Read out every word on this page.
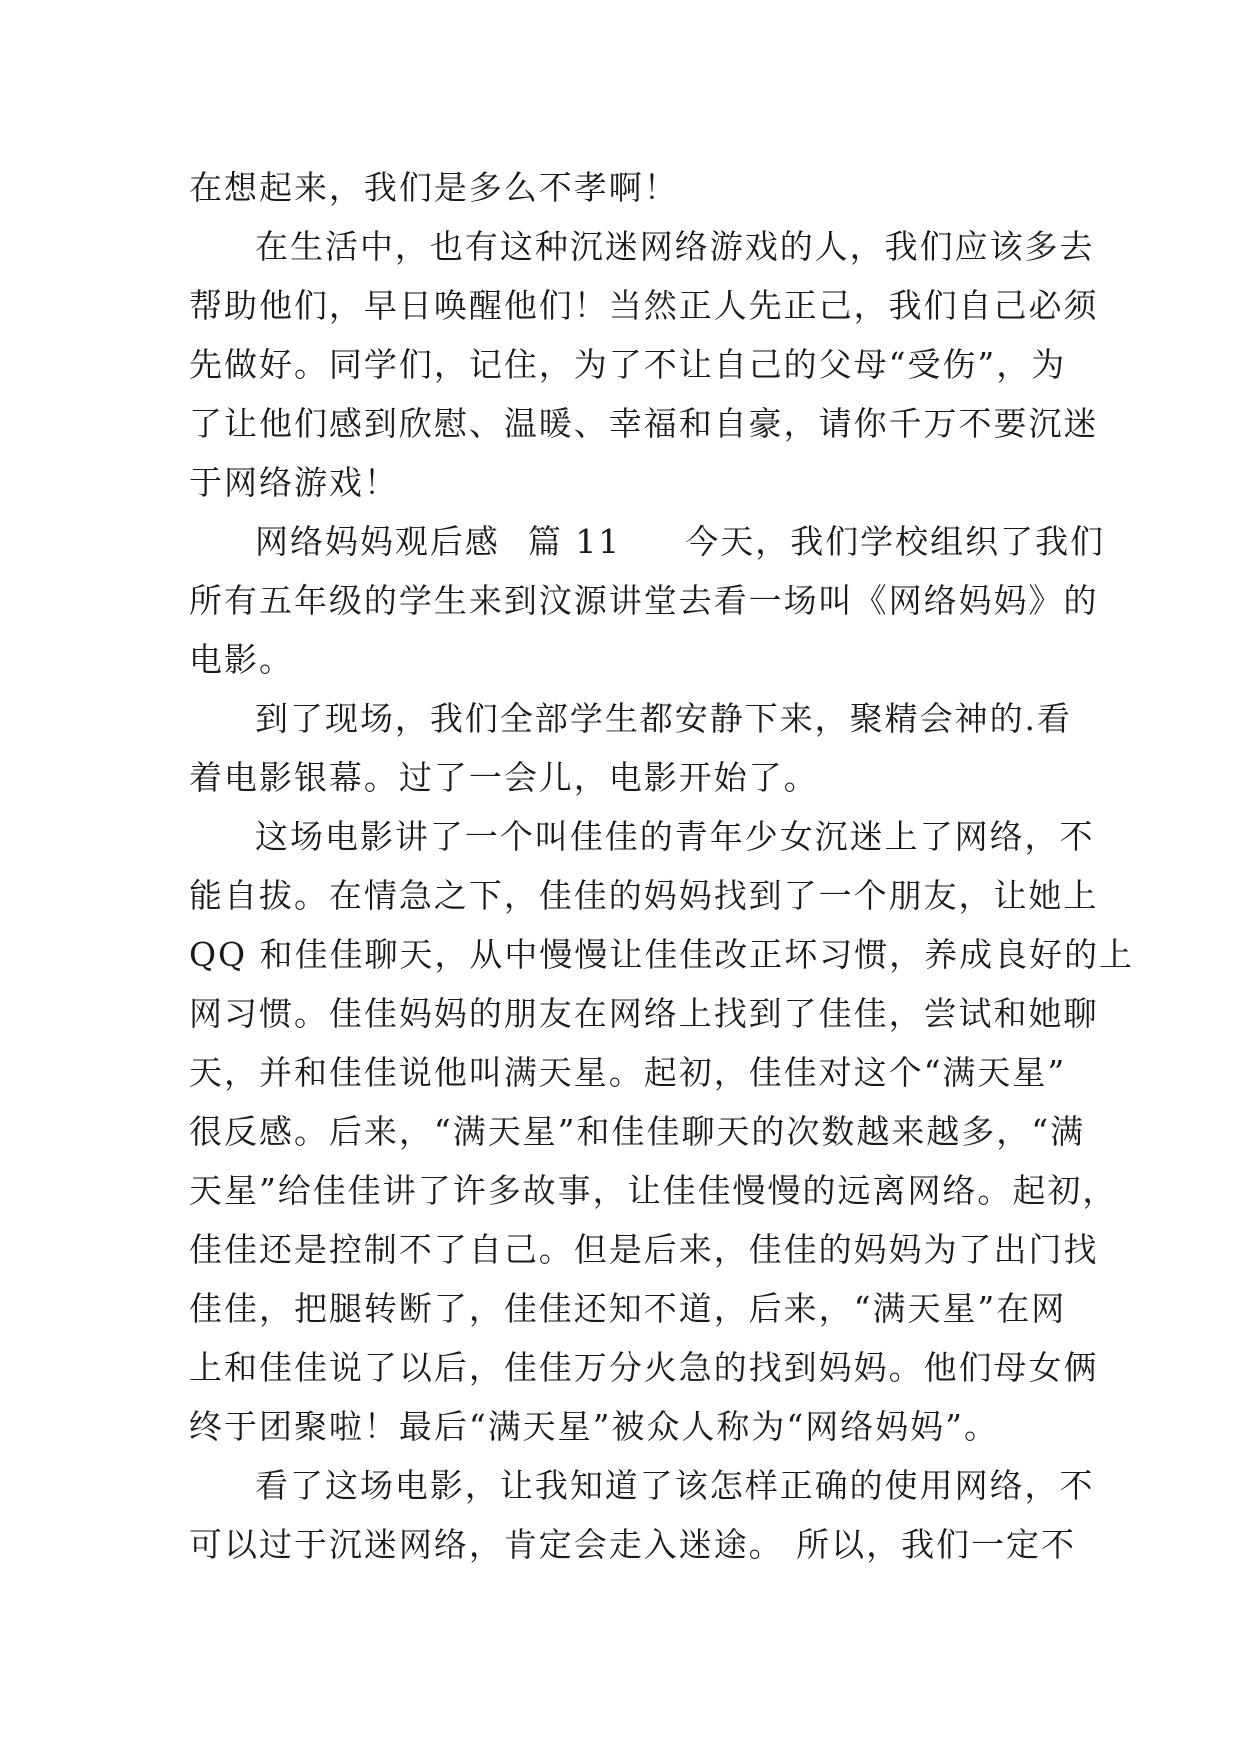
在想起来，我们是多么不孝啊！
在生活中，也有这种沉迷网络游戏的人，我们应该多去
帮助他们，早日唤醒他们！当然正人先正己，我们自己必须
先做好。同学们，记住，为了不让自己的父母“受伤”，为
了让他们感到欣慰、温暖、幸福和自豪，请你千万不要沉迷
于网络游戏！
网络妈妈观后感 篇 11 今天，我们学校组织了我们
所有五年级的学生来到汶源讲堂去看一场叫《网络妈妈》的
电影。
到了现场，我们全部学生都安静下来，聚精会神的.看
着电影银幕。过了一会儿，电影开始了。
这场电影讲了一个叫佳佳的青年少女沉迷上了网络，不
能自拔。在情急之下，佳佳的妈妈找到了一个朋友，让她上
QQ 和佳佳聊天，从中慢慢让佳佳改正坏习惯，养成良好的上
网习惯。佳佳妈妈的朋友在网络上找到了佳佳，尝试和她聊
天，并和佳佳说他叫满天星。起初，佳佳对这个“满天星”
很反感。后来，“满天星”和佳佳聊天的次数越来越多，“满
天星”给佳佳讲了许多故事，让佳佳慢慢的远离网络。起初，
佳佳还是控制不了自己。但是后来，佳佳的妈妈为了出门找
佳佳，把腿转断了，佳佳还知不道，后来，“满天星”在网
上和佳佳说了以后，佳佳万分火急的找到妈妈。他们母女俩
终于团聚啦！最后“满天星”被众人称为“网络妈妈”。
看了这场电影，让我知道了该怎样正确的使用网络，不
可以过于沉迷网络，肯定会走入迷途。 所以，我们一定不
